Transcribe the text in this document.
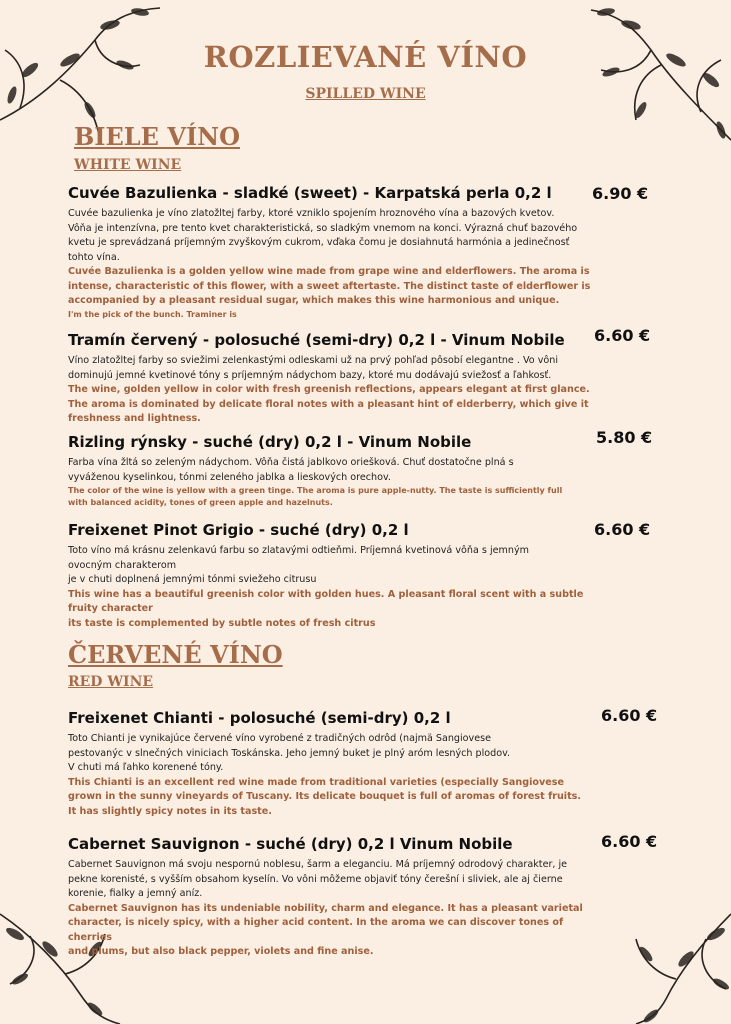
ROZLIEVANÉ VÍNO
SPILLED WINE
BIELE VÍNO
WHITE WINE
Cuvée Bazulienka - sladké (sweet) - Karpatská perla 0,2 l
Cuvée bazulienka je víno zlatožltej farby, ktoré vzniklo spojením hroznového vína a bazových kvetov.
Vôňa je intenzívna, pre tento kvet charakteristická, so sladkým vnemom na konci. Výrazná chuť bazového
kvetu je sprevádzaná príjemným zvyškovým cukrom, vďaka čomu je dosiahnutá harmónia a jedinečnosť
tohto vína.
Cuvée Bazulienka is a golden yellow wine made from grape wine and elderflowers. The aroma is
intense, characteristic of this flower, with a sweet aftertaste. The distinct taste of elderflower is
accompanied by a pleasant residual sugar, which makes this wine harmonious and unique.
I'm the pick of the bunch. Traminer is
6.90 €
Tramín červený - polosuché (semi-dry) 0,2 l - Vinum Nobile
Víno zlatožltej farby so sviežimi zelenkastými odleskami už na prvý pohľad pôsobí elegantne . Vo vôni
dominujú jemné kvetinové tóny s príjemným nádychom bazy, ktoré mu dodávajú sviežosť a ľahkosť.
The wine, golden yellow in color with fresh greenish reflections, appears elegant at first glance.
The aroma is dominated by delicate floral notes with a pleasant hint of elderberry, which give it
freshness and lightness.
6.60 €
Rizling rýnsky - suché (dry) 0,2 l - Vinum Nobile
Farba vína žltá so zeleným nádychom. Vôňa čistá jablkovo oriešková. Chuť dostatočne plná s
vyváženou kyselinkou, tónmi zeleného jablka a lieskových orechov.
The color of the wine is yellow with a green tinge. The aroma is pure apple-nutty. The taste is sufficiently full
with balanced acidity, tones of green apple and hazelnuts.
5.80 €
Freixenet Pinot Grigio - suché (dry) 0,2 l
Toto víno má krásnu zelenkavú farbu so zlatavými odtieňmi. Príjemná kvetinová vôňa s jemným
ovocným charakterom
je v chuti doplnená jemnými tónmi sviežeho citrusu
This wine has a beautiful greenish color with golden hues. A pleasant floral scent with a subtle
fruity character
its taste is complemented by subtle notes of fresh citrus
6.60 €
ČERVENÉ VÍNO
RED WINE
Freixenet Chianti - polosuché (semi-dry) 0,2 l
Toto Chianti je vynikajúce červené víno vyrobené z tradičných odrôd (najmä Sangiovese
pestovanýc v slnečných viniciach Toskánska. Jeho jemný buket je plný aróm lesných plodov.
V chuti má ľahko korenené tóny.
This Chianti is an excellent red wine made from traditional varieties (especially Sangiovese
grown in the sunny vineyards of Tuscany. Its delicate bouquet is full of aromas of forest fruits.
It has slightly spicy notes in its taste.
6.60 €
Cabernet Sauvignon - suché (dry) 0,2 l Vinum Nobile
Cabernet Sauvignon má svoju nespornú noblesu, šarm a eleganciu. Má príjemný odrodový charakter, je
pekne korenisté, s vyšším obsahom kyselín. Vo vôni môžeme objaviť tóny čerešní i sliviek, ale aj čierne
korenie, fialky a jemný aníz.
Cabernet Sauvignon has its undeniable nobility, charm and elegance. It has a pleasant varietal
character, is nicely spicy, with a higher acid content. In the aroma we can discover tones of cherries
and plums, but also black pepper, violets and fine anise.
6.60 €
